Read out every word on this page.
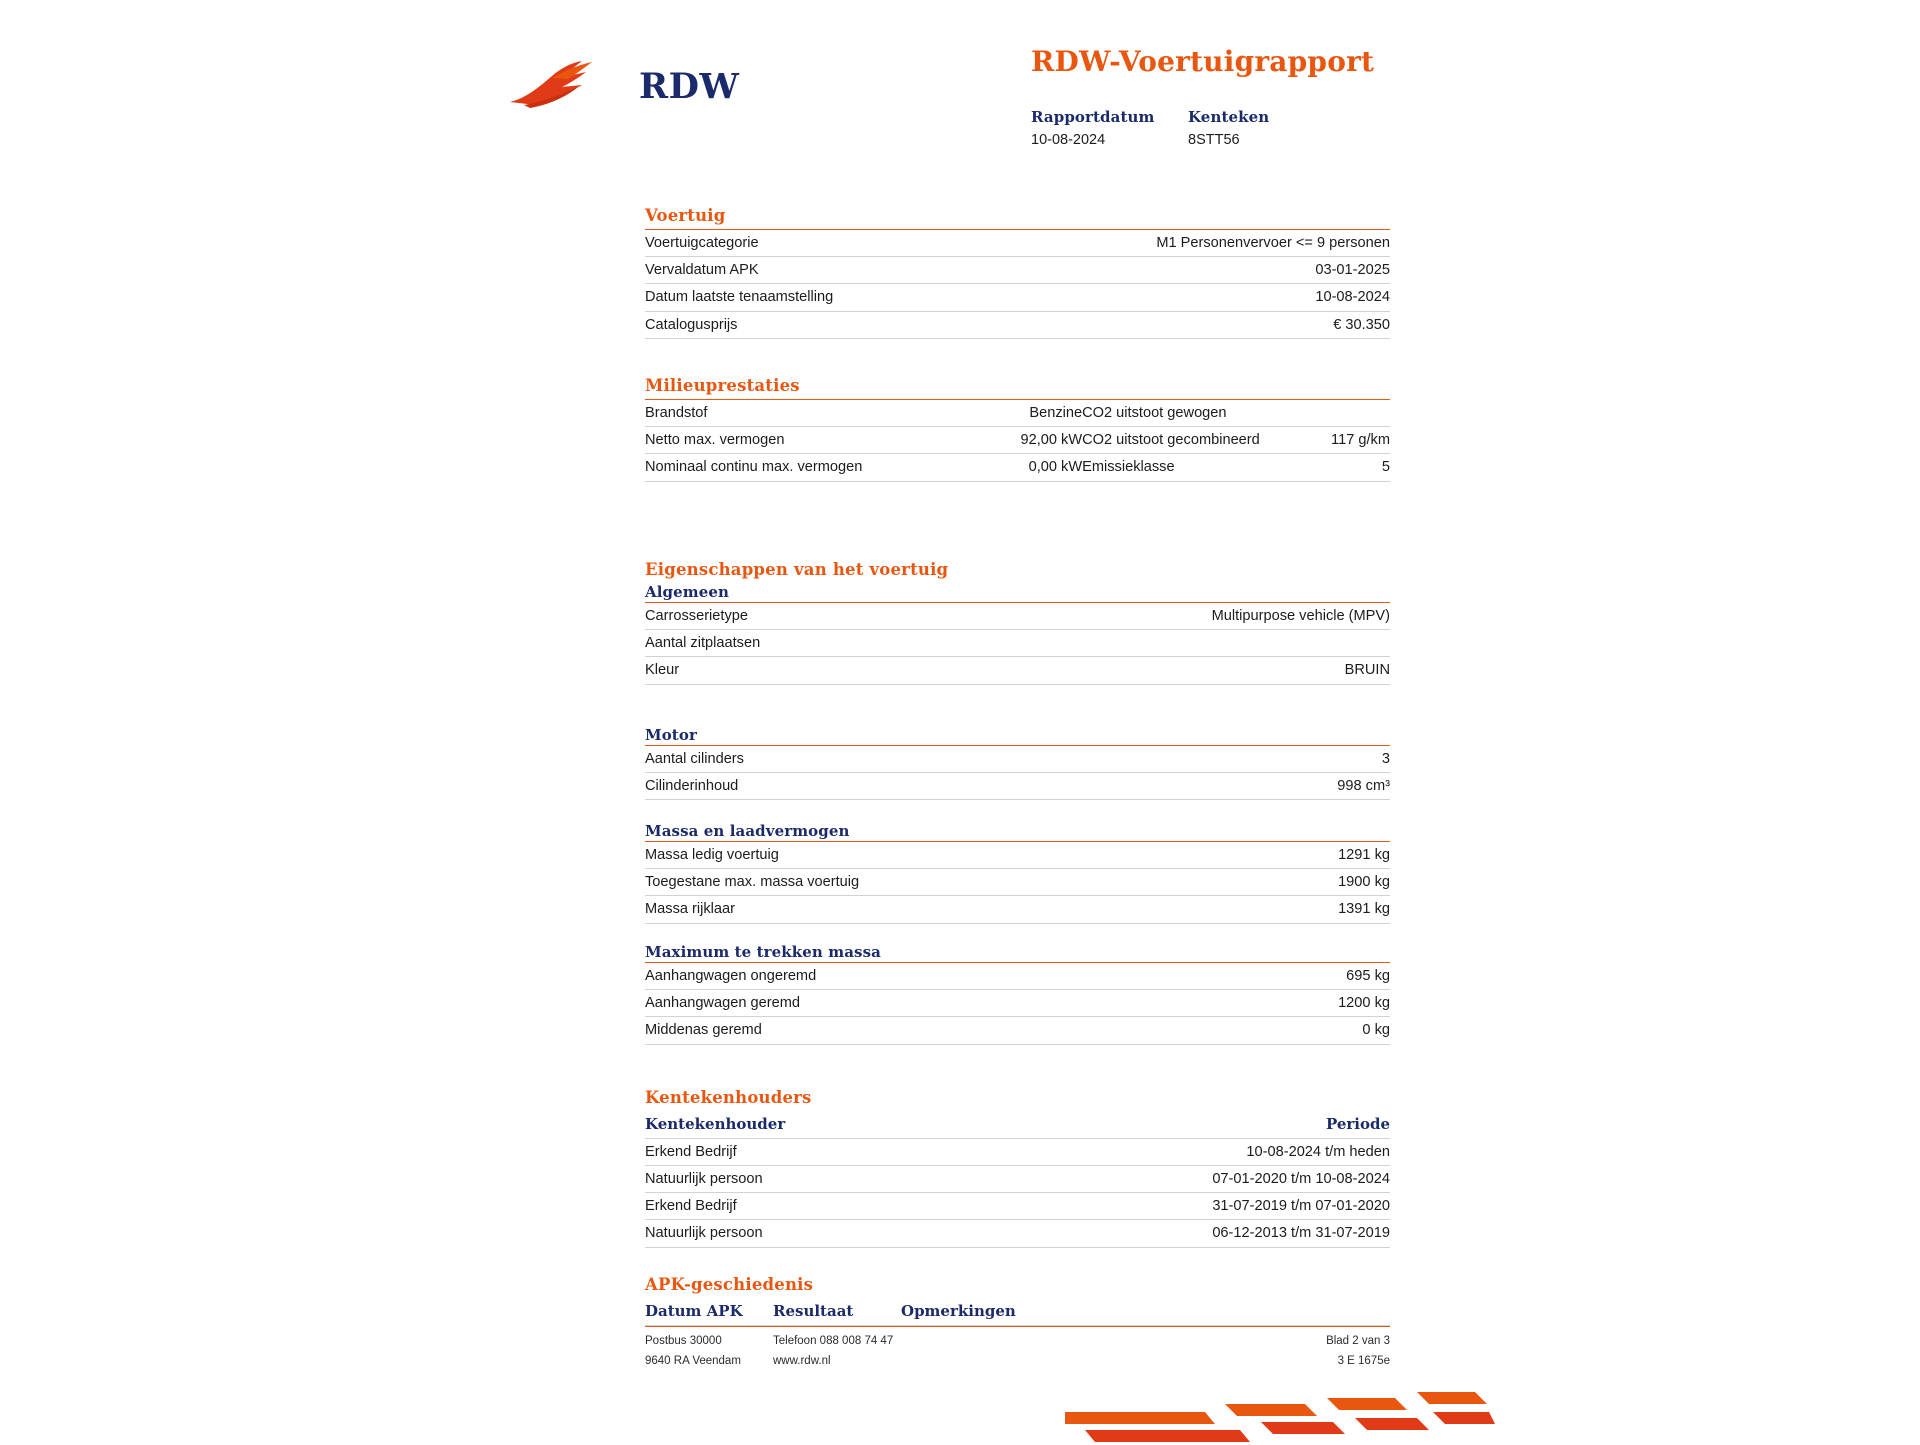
RDW
RDW-Voertuigrapport
Rapportdatum
10-08-2024
Kenteken
8STT56
Voertuig
Voertuigcategorie	M1 Personenvervoer <= 9 personen
Vervaldatum APK	03-01-2025
Datum laatste tenaamstelling	10-08-2024
Catalogusprijs	€ 30.350
Milieuprestaties
Brandstof	Benzine	CO2 uitstoot gewogen	
Netto max. vermogen	92,00 kW	CO2 uitstoot gecombineerd	117 g/km
Nominaal continu max. vermogen	0,00 kW	Emissieklasse	5
Eigenschappen van het voertuig
Algemeen
Carrosserietype	Multipurpose vehicle (MPV)
Aantal zitplaatsen	
Kleur	BRUIN
Motor
Aantal cilinders	3
Cilinderinhoud	998 cm³
Massa en laadvermogen
Massa ledig voertuig	1291 kg
Toegestane max. massa voertuig	1900 kg
Massa rijklaar	1391 kg
Maximum te trekken massa
Aanhangwagen ongeremd	695 kg
Aanhangwagen geremd	1200 kg
Middenas geremd	0 kg
Kentekenhouders
Kentekenhouder	Periode
Erkend Bedrijf	10-08-2024 t/m heden
Natuurlijk persoon	07-01-2020 t/m 10-08-2024
Erkend Bedrijf	31-07-2019 t/m 07-01-2020
Natuurlijk persoon	06-12-2013 t/m 31-07-2019
APK-geschiedenis
Datum APK	Resultaat	Opmerkingen
Postbus 30000	Telefoon 088 008 74 47	Blad 2 van 3
9640 RA Veendam	www.rdw.nl	3 E 1675e
